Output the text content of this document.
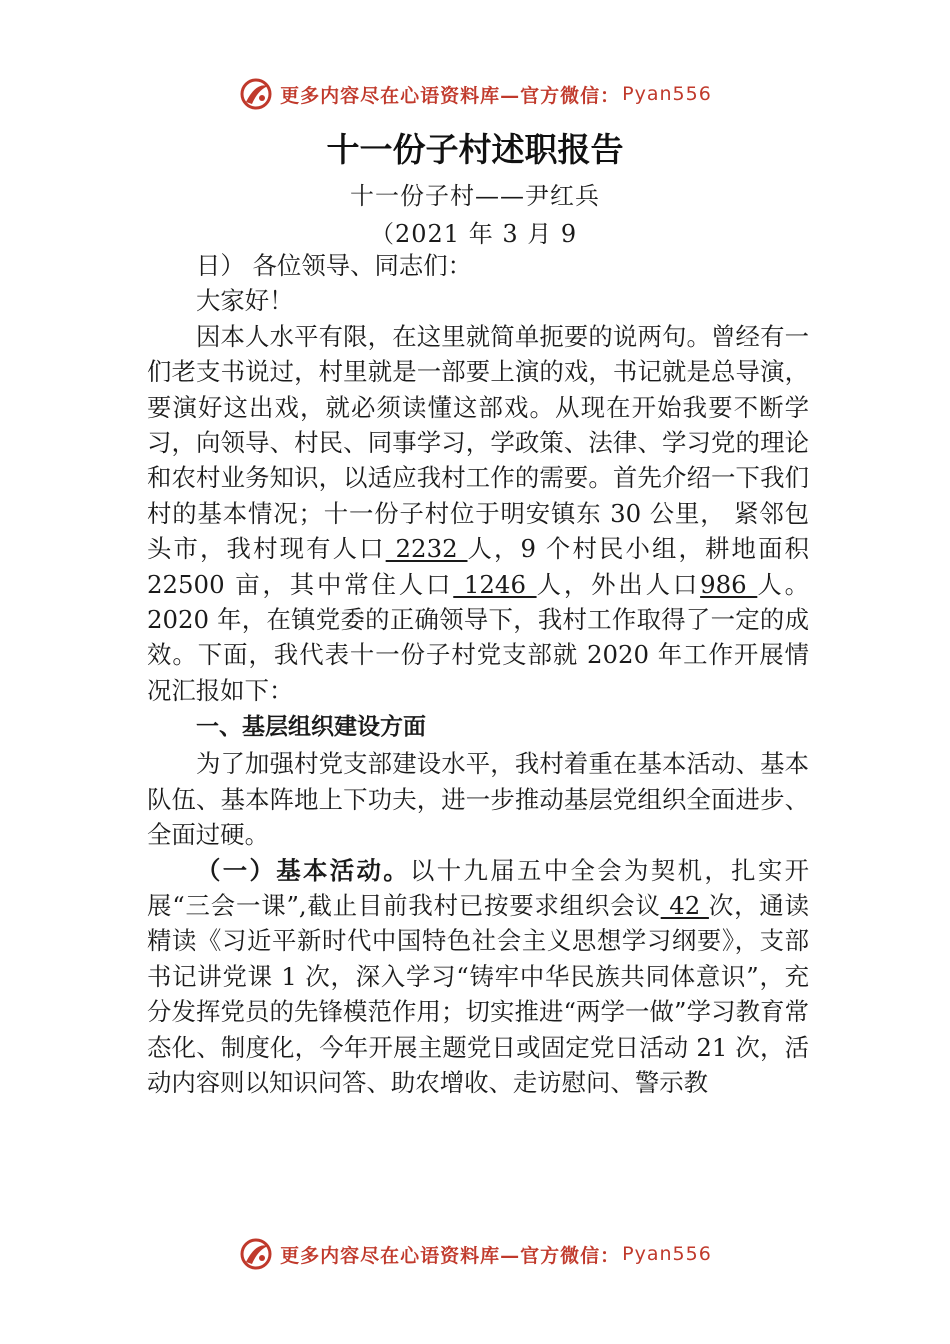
更多内容尽在心语资料库—官方微信： Pyan556
十一份子村述职报告
十一份子村——尹红兵
（2021 年 3 月 9

日） 各位领导、同志们：

大家好！

因本人水平有限，在这里就简单扼要的说两句。曾经有一们老支书说过，村里就是一部要上演的戏，书记就是总导演，要演好这出戏，就必须读懂这部戏。从现在开始我要不断学习，向领导、村民、同事学习，学政策、法律、学习党的理论和农村业务知识，以适应我村工作的需要。首先介绍一下我们村的基本情况；十一份子村位于明安镇东 30 公里， 紧邻包头市，我村现有人口 2232 人，9 个村民小组，耕地面积 22500 亩，其中常住人口 1246 人，外出人口986 人。2020 年，在镇党委的正确领导下，我村工作取得了一定的成效。下面，我代表十一份子村党支部就 2020 年工作开展情况汇报如下：

一、基层组织建设方面

为了加强村党支部建设水平，我村着重在基本活动、基本队伍、基本阵地上下功夫，进一步推动基层党组织全面进步、全面过硬。

（一）基本活动。以十九届五中全会为契机，扎实开展“三会一课”,截止目前我村已按要求组织会议 42 次，通读精读《习近平新时代中国特色社会主义思想学习纲要》，支部书记讲党课 1 次，深入学习“铸牢中华民族共同体意识”，充分发挥党员的先锋模范作用；切实推进“两学一做”学习教育常态化、制度化，今年开展主题党日或固定党日活动 21 次，活动内容则以知识问答、助农增收、走访慰问、警示教

更多内容尽在心语资料库—官方微信： Pyan556
